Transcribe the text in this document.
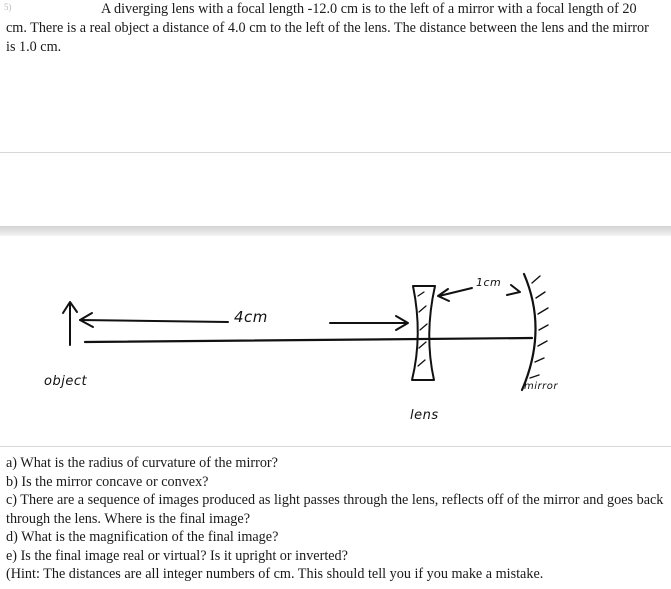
5)	A diverging lens with a focal length -12.0 cm is to the left of a mirror with a focal length of 20 cm. There is a real object a distance of 4.0 cm to the left of the lens. The distance between the lens and the mirror is 1.0 cm.
4cm
1cm
object
lens
mirror

a) What is the radius of curvature of the mirror?

b) Is the mirror concave or convex?

c) There are a sequence of images produced as light passes through the lens, reflects off of the mirror and goes back through the lens. Where is the final image?

d) What is the magnification of the final image?

e) Is the final image real or virtual? Is it upright or inverted?

(Hint: The distances are all integer numbers of cm. This should tell you if you make a mistake.
